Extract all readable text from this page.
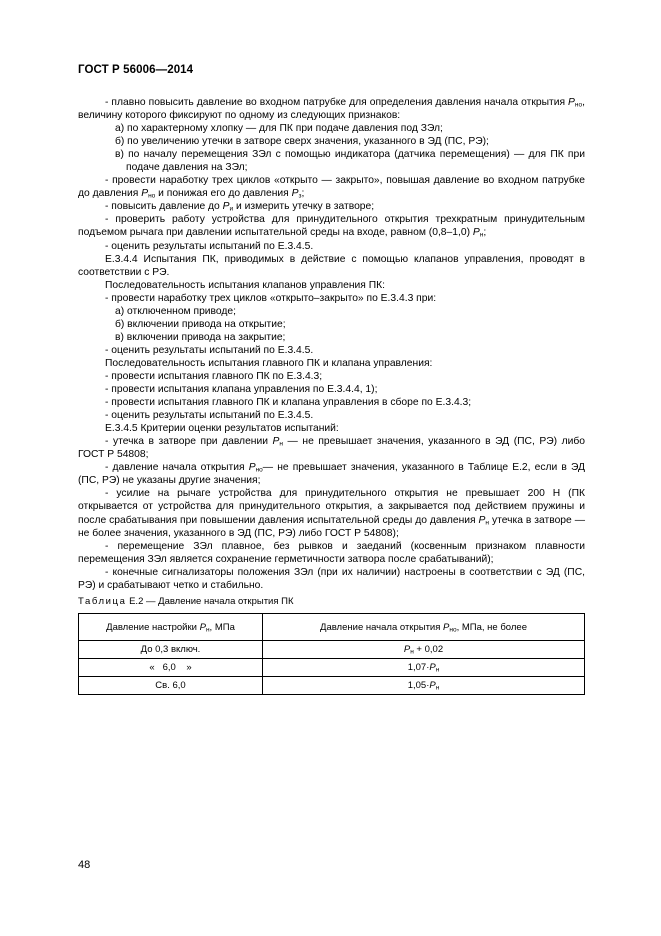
ГОСТ Р 56006—2014

- плавно повысить давление во входном патрубке для определения давления начала открытия $P_{но}$, величину которого фиксируют по одному из следующих признаков:

а) по характерному хлопку — для ПК при подаче давления под ЗЭл;

б) по увеличению утечки в затворе сверх значения, указанного в ЭД (ПС, РЭ);

в) по началу перемещения ЗЭл с помощью индикатора (датчика перемещения) — для ПК при подаче давления на ЗЭл;

- провести наработку трех циклов «открыто — закрыто», повышая давление во входном патрубке до давления $P_{но}$ и понижая его до давления $P_з$;

- повысить давление до $P_и$ и измерить утечку в затворе;

- проверить работу устройства для принудительного открытия трехкратным принудительным подъемом рычага при давлении испытательной среды на входе, равном (0,8–1,0) $P_н$;

- оценить результаты испытаний по Е.3.4.5.

Е.3.4.4 Испытания ПК, приводимых в действие с помощью клапанов управления, проводят в соответствии с РЭ.

Последовательность испытания клапанов управления ПК:

- провести наработку трех циклов «открыто–закрыто» по Е.3.4.3 при:

а) отключенном приводе;

б) включении привода на открытие;

в) включении привода на закрытие;

- оценить результаты испытаний по Е.3.4.5.

Последовательность испытания главного ПК и клапана управления:

- провести испытания главного ПК по Е.3.4.3;

- провести испытания клапана управления по Е.3.4.4, 1);

- провести испытания главного ПК и клапана управления в сборе по Е.3.4.3;

- оценить результаты испытаний по Е.3.4.5.

Е.3.4.5 Критерии оценки результатов испытаний:

- утечка в затворе при давлении $P_н$ — не превышает значения, указанного в ЭД (ПС, РЭ) либо ГОСТ Р 54808;

- давление начала открытия $P_{но}—$ не превышает значения, указанного в Таблице Е.2, если в ЭД (ПС, РЭ) не указаны другие значения;

- усилие на рычаге устройства для принудительного открытия не превышает 200 Н (ПК открывается от устройства для принудительного открытия, а закрывается под действием пружины и после срабатывания при повышении давления испытательной среды до давления $P_н$ утечка в затворе — не более значения, указанного в ЭД (ПС, РЭ) либо ГОСТ Р 54808);

- перемещение ЗЭл плавное, без рывков и заеданий (косвенным признаком плавности перемещения ЗЭл является сохранение герметичности затвора после срабатываний);

- конечные сигнализаторы положения ЗЭл (при их наличии) настроены в соответствии с ЭД (ПС, РЭ) и срабатывают четко и стабильно.

Таблица Е.2 — Давление начала открытия ПК
Давление настройки $P_н$, МПа	Давление начала открытия $P_{но}$, МПа, не более
До 0,3 включ.	$P_н + 0,02$
«   6,0    »	$1,07\cdot P_н$
Св. 6,0	$1,05\cdot P_н$
48
